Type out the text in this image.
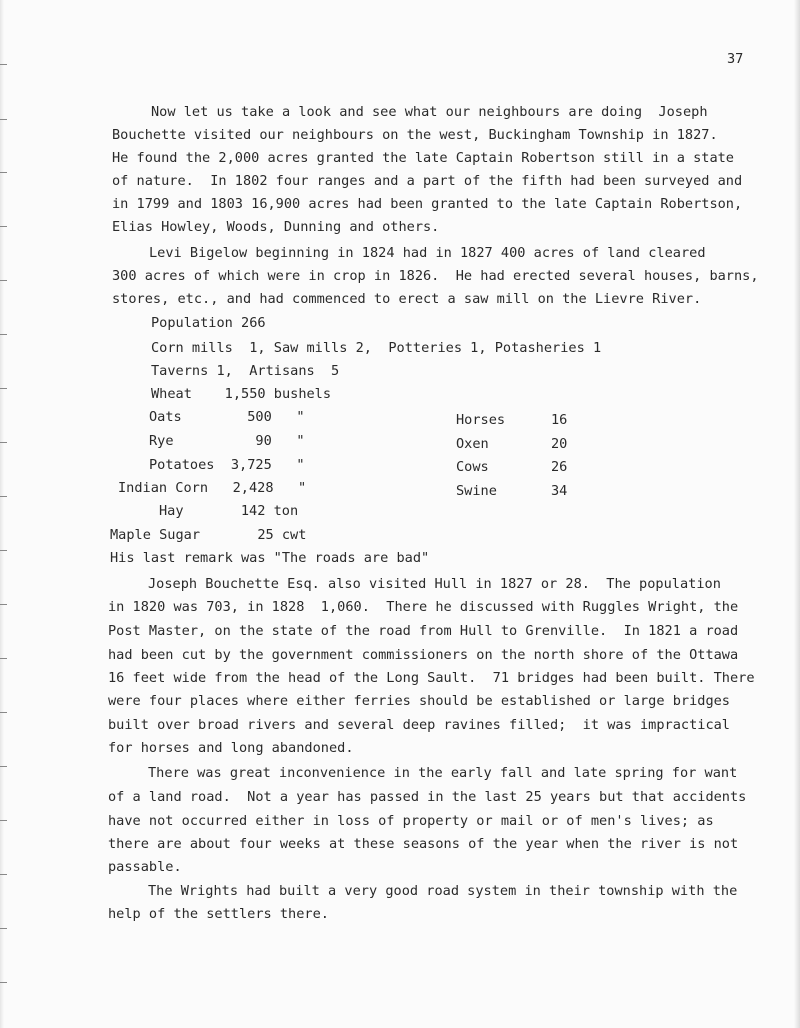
37
Now let us take a look and see what our neighbours are doing  Joseph
Bouchette visited our neighbours on the west, Buckingham Township in 1827.
He found the 2,000 acres granted the late Captain Robertson still in a state
of nature.  In 1802 four ranges and a part of the fifth had been surveyed and
in 1799 and 1803 16,900 acres had been granted to the late Captain Robertson,
Elias Howley, Woods, Dunning and others.
Levi Bigelow beginning in 1824 had in 1827 400 acres of land cleared
300 acres of which were in crop in 1826.  He had erected several houses, barns,
stores, etc., and had commenced to erect a saw mill on the Lievre River.
Population 266
Corn mills  1, Saw mills 2,  Potteries 1, Potasheries 1
Taverns 1,  Artisans  5
Wheat    1,550 bushels
Oats        500   "
Rye          90   "
Potatoes  3,725   "
Indian Corn   2,428   "
Hay       142 ton
Maple Sugar       25 cwt
Horses	16
Oxen	20
Cows	26
Swine	34
His last remark was "The roads are bad"
Joseph Bouchette Esq. also visited Hull in 1827 or 28.  The population
in 1820 was 703, in 1828  1,060.  There he discussed with Ruggles Wright, the
Post Master, on the state of the road from Hull to Grenville.  In 1821 a road
had been cut by the government commissioners on the north shore of the Ottawa
16 feet wide from the head of the Long Sault.  71 bridges had been built. There
were four places where either ferries should be established or large bridges
built over broad rivers and several deep ravines filled;  it was impractical
for horses and long abandoned.
There was great inconvenience in the early fall and late spring for want
of a land road.  Not a year has passed in the last 25 years but that accidents
have not occurred either in loss of property or mail or of men's lives; as
there are about four weeks at these seasons of the year when the river is not
passable.
The Wrights had built a very good road system in their township with the
help of the settlers there.
